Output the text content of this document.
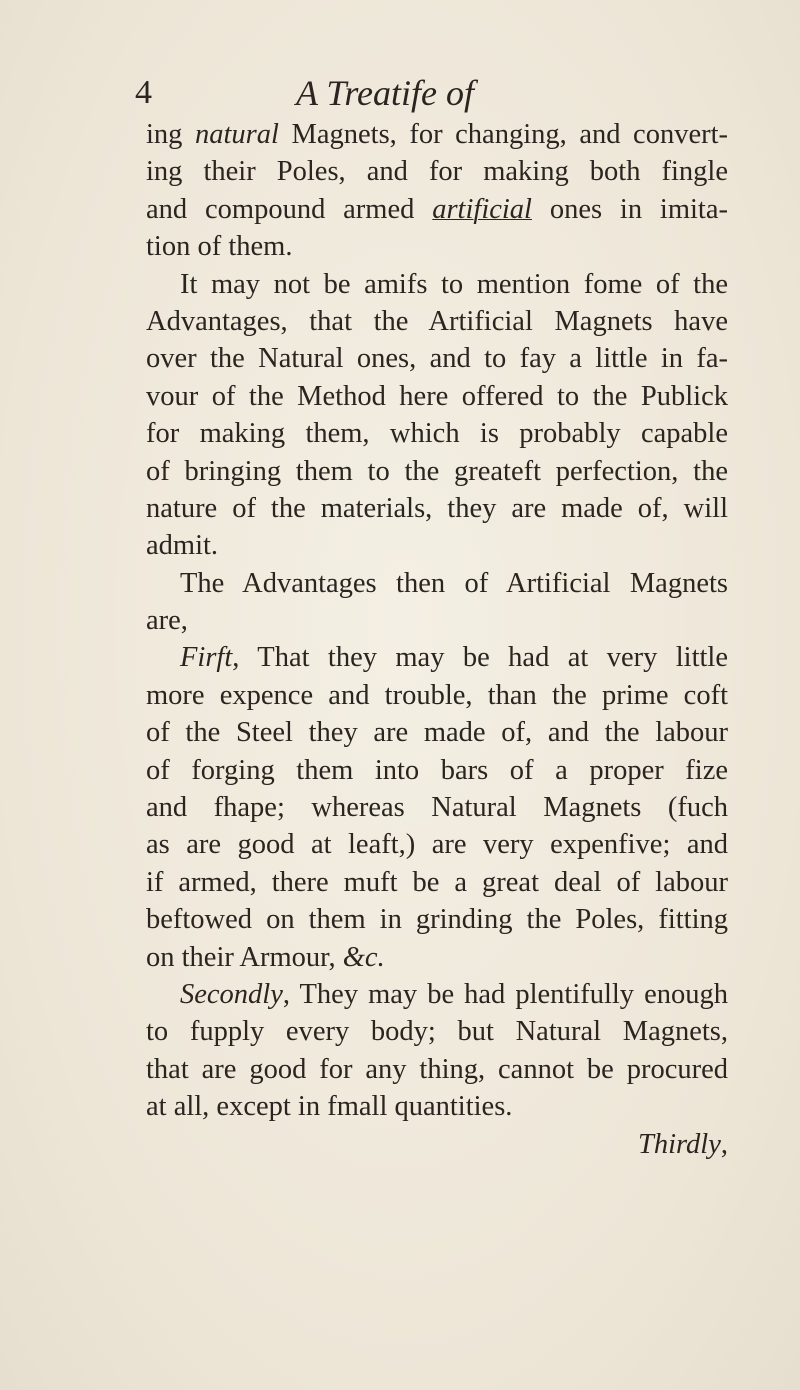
4	A Treatife of
ing natural Magnets, for changing, and convert-
ing their Poles, and for making both fingle
and compound armed artificial ones in imita-
tion of them.
It may not be amifs to mention fome of the
Advantages, that the Artificial Magnets have
over the Natural ones, and to fay a little in fa-
vour of the Method here offered to the Publick
for making them, which is probably capable
of bringing them to the greateft perfection, the
nature of the materials, they are made of, will
admit.
The Advantages then of Artificial Magnets
are,
Firft, That they may be had at very little
more expence and trouble, than the prime coft
of the Steel they are made of, and the labour
of forging them into bars of a proper fize
and fhape; whereas Natural Magnets (fuch
as are good at leaft,) are very expenfive; and
if armed, there muft be a great deal of labour
beftowed on them in grinding the Poles, fitting
on their Armour, &c.
Secondly, They may be had plentifully enough
to fupply every body; but Natural Magnets,
that are good for any thing, cannot be procured
at all, except in fmall quantities.
Thirdly,
